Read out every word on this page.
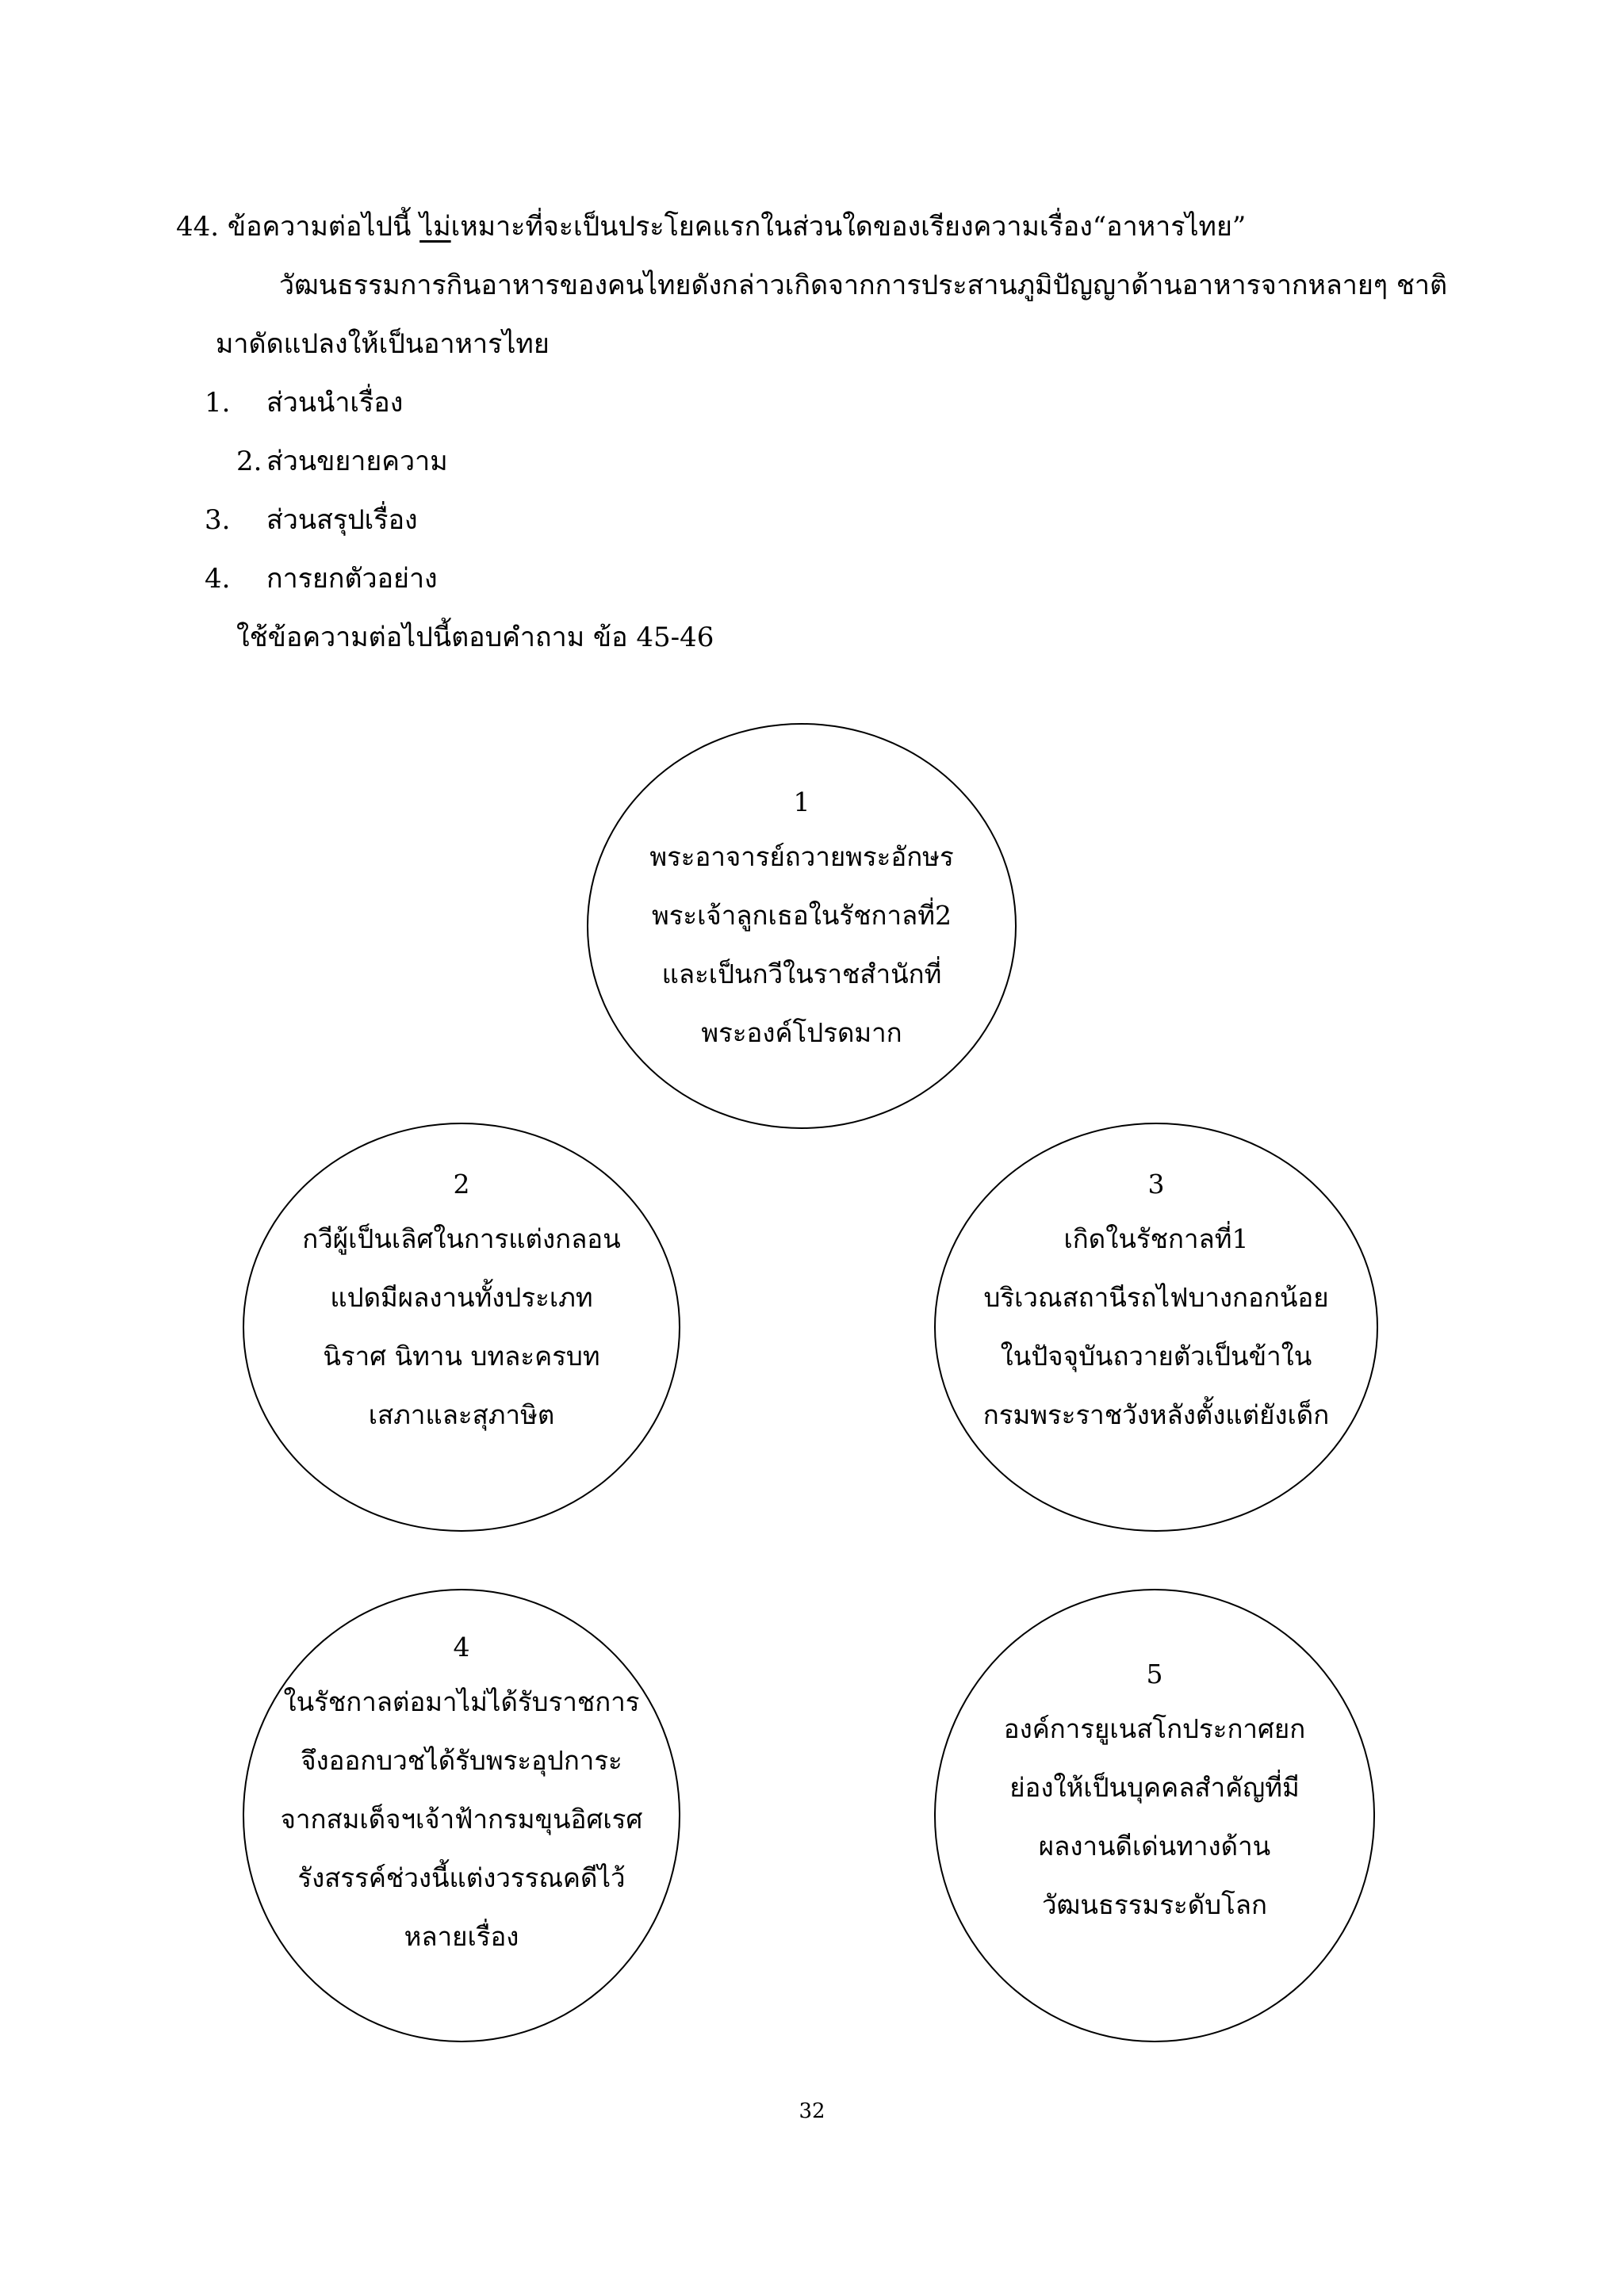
44. ข้อความต่อไปนี้ ไม่เหมาะที่จะเป็นประโยคแรกในส่วนใดของเรียงความเรื่อง“อาหารไทย”
วัฒนธรรมการกินอาหารของคนไทยดังกล่าวเกิดจากการประสานภูมิปัญญาด้านอาหารจากหลายๆ ชาติ
มาดัดแปลงให้เป็นอาหารไทย
1. ส่วนนำเรื่อง
2. ส่วนขยายความ
3. ส่วนสรุปเรื่อง
4. การยกตัวอย่าง
ใช้ข้อความต่อไปนี้ตอบคำถาม ข้อ 45-46
1
พระอาจารย์ถวายพระอักษร
พระเจ้าลูกเธอในรัชกาลที่2
และเป็นกวีในราชสำนักที่
พระองค์โปรดมาก
2
กวีผู้เป็นเลิศในการแต่งกลอน
แปดมีผลงานทั้งประเภท
นิราศ นิทาน บทละครบท
เสภาและสุภาษิต
3
เกิดในรัชกาลที่1
บริเวณสถานีรถไฟบางกอกน้อย
ในปัจจุบันถวายตัวเป็นข้าใน
กรมพระราชวังหลังตั้งแต่ยังเด็ก
4
ในรัชกาลต่อมาไม่ได้รับราชการ
จึงออกบวชได้รับพระอุปการะ
จากสมเด็จฯเจ้าฟ้ากรมขุนอิศเรศ
รังสรรค์ช่วงนี้แต่งวรรณคดีไว้
หลายเรื่อง
5
องค์การยูเนสโกประกาศยก
ย่องให้เป็นบุคคลสำคัญที่มี
ผลงานดีเด่นทางด้าน
วัฒนธรรมระดับโลก
32
